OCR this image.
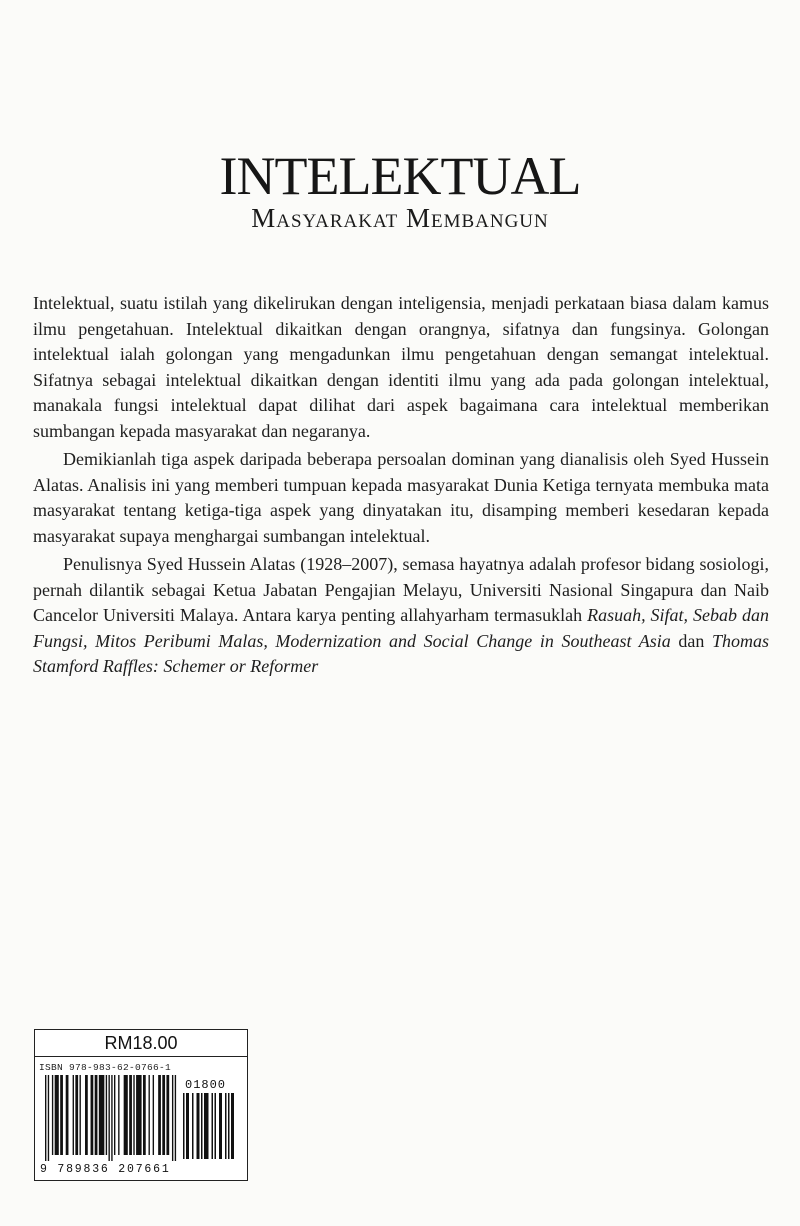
INTELEKTUAL
Masyarakat Membangun

Intelektual, suatu istilah yang dikelirukan dengan inteligensia, menjadi perkataan biasa dalam kamus ilmu pengetahuan. Intelektual dikaitkan dengan orangnya, sifatnya dan fungsinya. Golongan intelektual ialah golongan yang mengadunkan ilmu pengetahuan dengan semangat intelektual. Sifatnya sebagai intelektual dikaitkan dengan identiti ilmu yang ada pada golongan intelektual, manakala fungsi intelektual dapat dilihat dari aspek bagaimana cara intelektual memberikan sumbangan kepada masyarakat dan negaranya.

Demikianlah tiga aspek daripada beberapa persoalan dominan yang dianalisis oleh Syed Hussein Alatas. Analisis ini yang memberi tumpuan kepada masyarakat Dunia Ketiga ternyata membuka mata masyarakat tentang ketiga-tiga aspek yang dinyatakan itu, disamping memberi kesedaran kepada masyarakat supaya menghargai sumbangan intelektual.

Penulisnya Syed Hussein Alatas (1928–2007), semasa hayatnya adalah profesor bidang sosiologi, pernah dilantik sebagai Ketua Jabatan Pengajian Melayu, Universiti Nasional Singapura dan Naib Cancelor Universiti Malaya. Antara karya penting allahyarham termasuklah Rasuah, Sifat, Sebab dan Fungsi, Mitos Peribumi Malas, Modernization and Social Change in Southeast Asia dan Thomas Stamford Raffles: Schemer or Reformer

RM18.00
ISBN 978-983-62-0766-1
01800
9 789836 207661
